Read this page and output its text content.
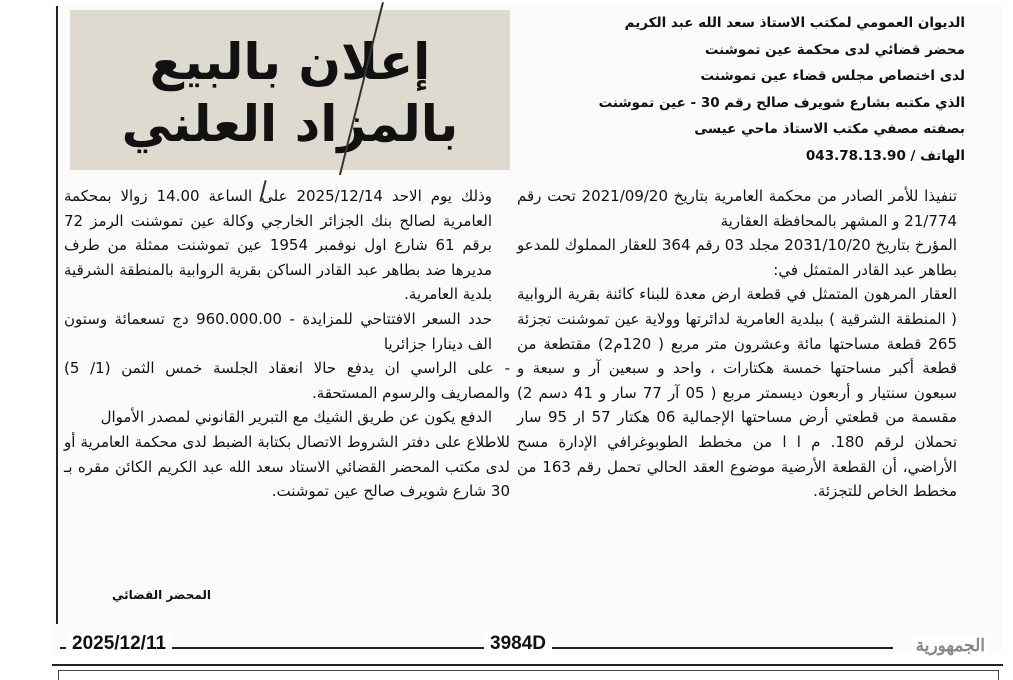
الديوان العمومي لمكتب الاستاذ سعد الله عبد الكريم
محضر قضائي لدى محكمة عين تموشنت
لدى اختصاص مجلس قضاء عين تموشنت
الذي مكتبه بشارع شويرف صالح رقم 30 - عين تموشنت
بصفته مصفي مكتب الاستاذ ماحي عيسى
الهاتف / 043.78.13.90
إعلان بالبيع
بالمزاد العلني

تنفيذا للأمر الصادر من محكمة العامرية بتاريخ 2021/09/20 تحت رقم 21/774 و المشهر بالمحافظة العقارية

المؤرخ بتاريخ 2031/10/20 مجلد 03 رقم 364 للعقار المملوك للمدعو بطاهر عبد القادر المتمثل في:

العقار المرهون المتمثل في قطعة ارض معدة للبناء كائنة بقرية الروابية ( المنطقة الشرقية ) ببلدية العامرية لدائرتها وولاية عين تموشنت تجزئة 265 قطعة مساحتها مائة وعشرون متر مربع ( 120م2) مقتطعة من قطعة أكبر مساحتها خمسة هكتارات ، واحد و سبعين آر و سبعة و سبعون سنتيار و أربعون ديسمتر مربع ( 05 آر 77 سار و 41 دسم 2) مقسمة من قطعتي أرض مساحتها الإجمالية 06 هكتار 57 ار 95 سار تحملان لرقم 180. م ا ا من مخطط الطوبوغرافي الإدارة مسح الأراضي، أن القطعة الأرضية موضوع العقد الحالي تحمل رقم 163 من مخطط الخاص للتجزئة.

وذلك يوم الاحد 2025/12/14 على الساعة 14.00 زوالا بمحكمة العامرية لصالح بنك الجزائر الخارجي وكالة عين تموشنت الرمز 72 برقم 61 شارع اول نوفمبر 1954 عين تموشنت ممثلة من طرف مديرها ضد بطاهر عبد القادر الساكن بقرية الروابية بالمنطقة الشرقية بلدية العامرية.

حدد السعر الافتتاحي للمزايدة - 960.000.00 دج تسعمائة وستون الف دينارا جزائريا

- على الراسي ان يدفع حالا انعقاد الجلسة خمس الثمن (1/ 5) والمصاريف والرسوم المستحقة.

الدفع يكون عن طريق الشيك مع التبرير القانوني لمصدر الأموال

للاطلاع على دفتر الشروط الاتصال بكتابة الضبط لدى محكمة العامرية أو لدى مكتب المحضر القضائي الاستاد سعد الله عبد الكريم الكائن مقره بـ 30 شارع شويرف صالح عين تموشنت.

المحضر القضائي
2025/12/11	3984D	الجمهورية
